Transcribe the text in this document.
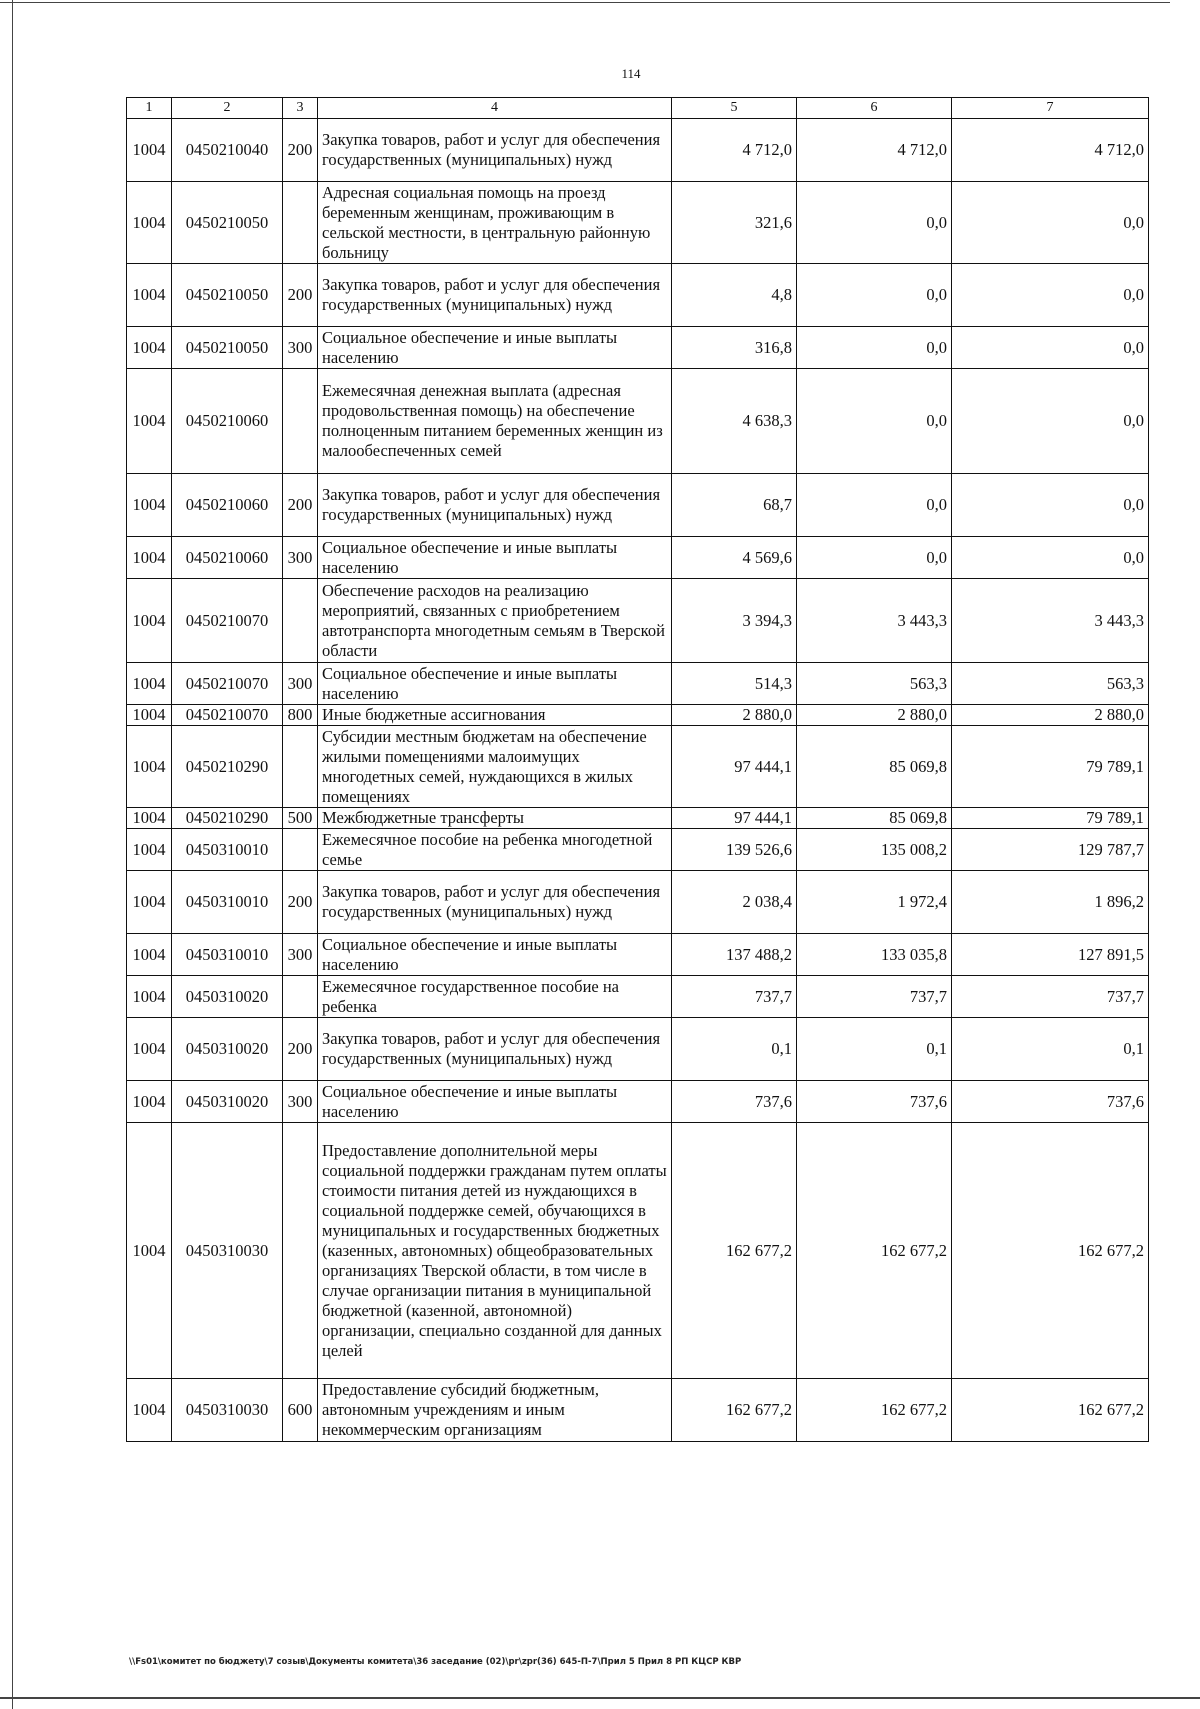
114
1	2	3	4	5	6	7
1004	0450210040	200	Закупка товаров, работ и услуг для обеспечения государственных (муниципальных) нужд	4 712,0	4 712,0	4 712,0
1004	0450210050		Адресная социальная помощь на проезд беременным женщинам, проживающим в сельской местности, в центральную районную больницу	321,6	0,0	0,0
1004	0450210050	200	Закупка товаров, работ и услуг для обеспечения государственных (муниципальных) нужд	4,8	0,0	0,0
1004	0450210050	300	Социальное обеспечение и иные выплаты населению	316,8	0,0	0,0
1004	0450210060		Ежемесячная денежная выплата (адресная продовольственная помощь) на обеспечение полноценным питанием беременных женщин из малообеспеченных семей	4 638,3	0,0	0,0
1004	0450210060	200	Закупка товаров, работ и услуг для обеспечения государственных (муниципальных) нужд	68,7	0,0	0,0
1004	0450210060	300	Социальное обеспечение и иные выплаты населению	4 569,6	0,0	0,0
1004	0450210070		Обеспечение расходов на реализацию мероприятий, связанных с приобретением автотранспорта многодетным семьям в Тверской области	3 394,3	3 443,3	3 443,3
1004	0450210070	300	Социальное обеспечение и иные выплаты населению	514,3	563,3	563,3
1004	0450210070	800	Иные бюджетные ассигнования	2 880,0	2 880,0	2 880,0
1004	0450210290		Субсидии местным бюджетам на обеспечение жилыми помещениями малоимущих многодетных семей, нуждающихся в жилых помещениях	97 444,1	85 069,8	79 789,1
1004	0450210290	500	Межбюджетные трансферты	97 444,1	85 069,8	79 789,1
1004	0450310010		Ежемесячное пособие на ребенка многодетной семье	139 526,6	135 008,2	129 787,7
1004	0450310010	200	Закупка товаров, работ и услуг для обеспечения государственных (муниципальных) нужд	2 038,4	1 972,4	1 896,2
1004	0450310010	300	Социальное обеспечение и иные выплаты населению	137 488,2	133 035,8	127 891,5
1004	0450310020		Ежемесячное государственное пособие на ребенка	737,7	737,7	737,7
1004	0450310020	200	Закупка товаров, работ и услуг для обеспечения государственных (муниципальных) нужд	0,1	0,1	0,1
1004	0450310020	300	Социальное обеспечение и иные выплаты населению	737,6	737,6	737,6
1004	0450310030		Предоставление дополнительной меры социальной поддержки гражданам путем оплаты стоимости питания детей из нуждающихся в социальной поддержке семей, обучающихся в муниципальных и государственных бюджетных (казенных, автономных) общеобразовательных организациях Тверской области, в том числе в случае организации питания в муниципальной бюджетной (казенной, автономной) организации, специально созданной для данных целей	162 677,2	162 677,2	162 677,2
1004	0450310030	600	Предоставление субсидий бюджетным, автономным учреждениям и иным некоммерческим организациям	162 677,2	162 677,2	162 677,2
\\Fs01\комитет по бюджету\7 созыв\Документы комитета\36 заседание (02)\pr\zpr(36) 645-П-7\Прил 5 Прил 8 РП КЦСР КВР
